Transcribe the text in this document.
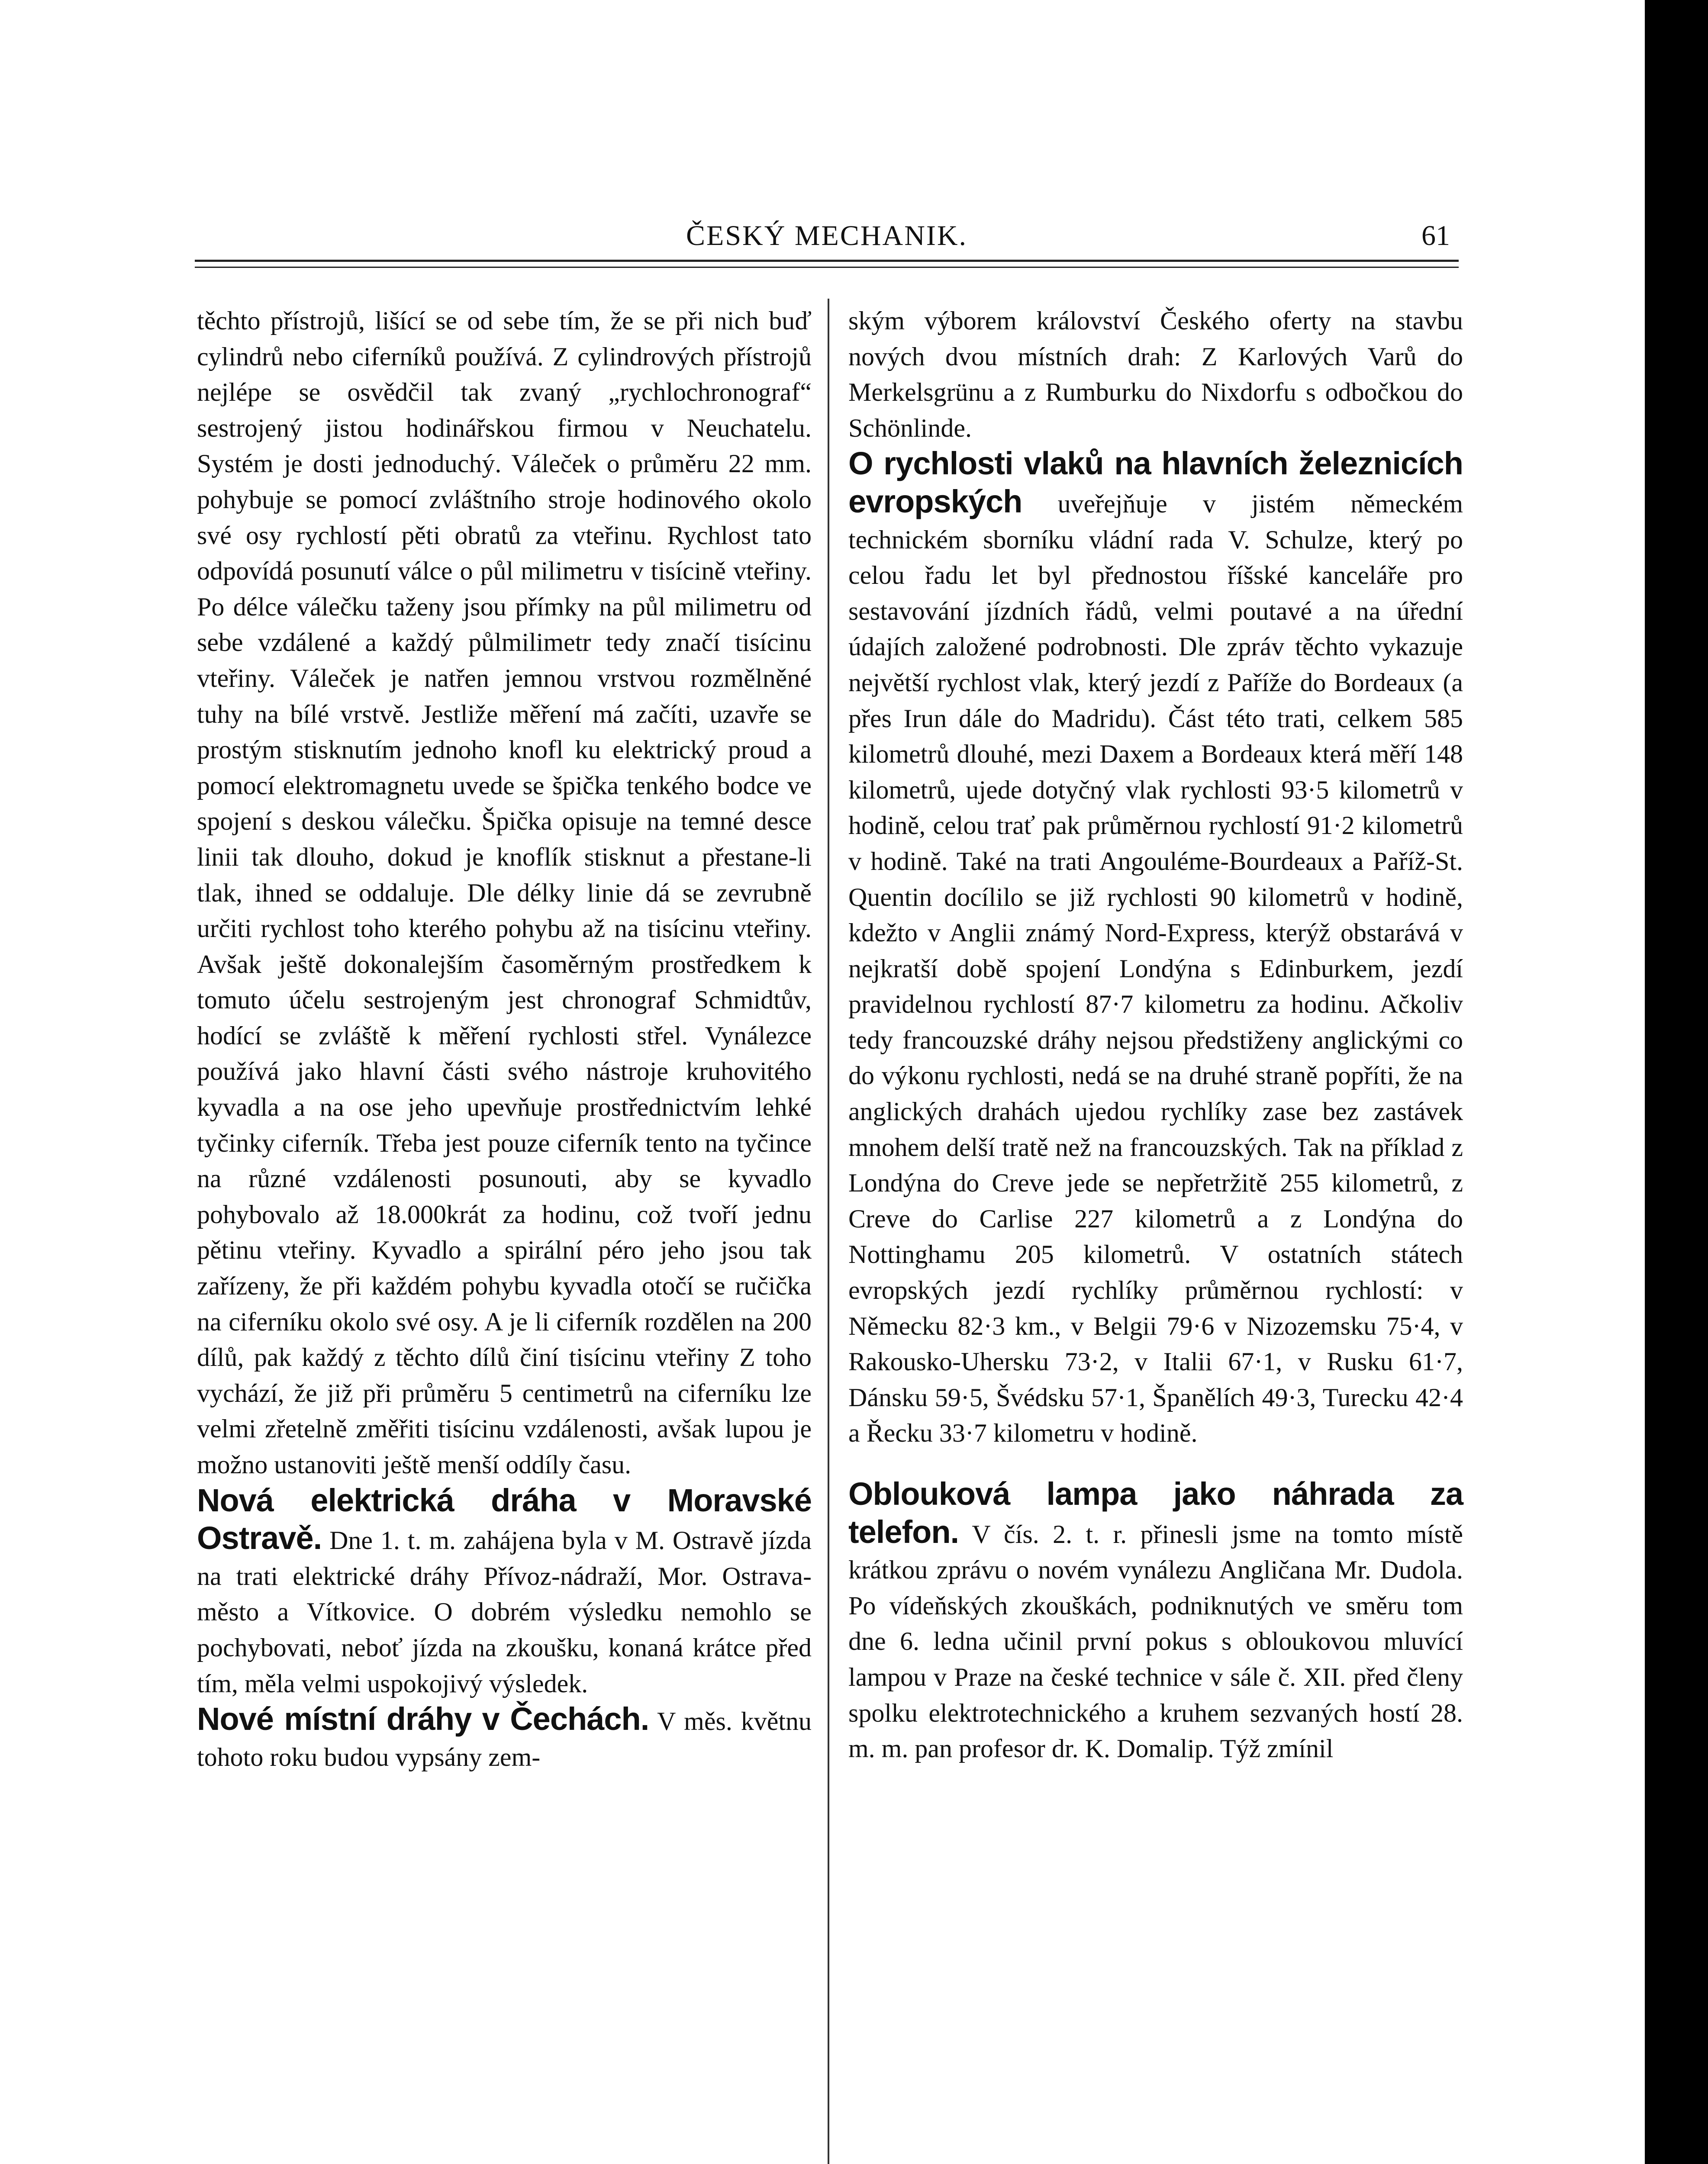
ČESKÝ MECHANIK.	61

těchto přístrojů, lišící se od sebe tím, že se při nich buď cylindrů nebo ciferníků používá. Z cylindrových přístrojů nejlépe se osvědčil tak zvaný „rychlochronograf“ sestrojený jistou hodinářskou firmou v Neuchatelu. Systém je dosti jednoduchý. Váleček o průměru 22 mm. pohybuje se pomocí zvláštního stroje hodinového okolo své osy rychlostí pěti obratů za vteřinu. Rychlost tato odpovídá posunutí válce o půl milimetru v tisícině vteřiny. Po délce válečku taženy jsou přímky na půl milimetru od sebe vzdálené a každý půlmilimetr tedy značí tisícinu vteřiny. Váleček je natřen jemnou vrstvou rozmělněné tuhy na bílé vrstvě. Jestliže měření má začíti, uzavře se prostým stisknutím jednoho knofl ku elektrický proud a pomocí elektromagnetu uvede se špička tenkého bodce ve spojení s deskou válečku. Špička opisuje na temné desce linii tak dlouho, dokud je knoflík stisknut a přestane-li tlak, ihned se oddaluje. Dle délky linie dá se zevrubně určiti rychlost toho kterého pohybu až na tisícinu vteřiny. Avšak ještě dokonalejším časoměrným prostředkem k tomuto účelu sestrojeným jest chronograf Schmidtův, hodící se zvláště k měření rychlosti střel. Vynálezce používá jako hlavní části svého nástroje kruhovitého kyvadla a na ose jeho upevňuje prostřednictvím lehké tyčinky ciferník. Třeba jest pouze ciferník tento na tyčince na různé vzdálenosti posunouti, aby se kyvadlo pohybovalo až 18.000krát za hodinu, což tvoří jednu pětinu vteřiny. Kyvadlo a spirální péro jeho jsou tak zařízeny, že při každém pohybu kyvadla otočí se ručička na ciferníku okolo své osy. A je li ciferník rozdělen na 200 dílů, pak každý z těchto dílů činí tisícinu vteřiny Z toho vychází, že již při průměru 5 centimetrů na ciferníku lze velmi zřetelně změřiti tisícinu vzdálenosti, avšak lupou je možno ustanoviti ještě menší oddíly času.

Nová elektrická dráha v Moravské Ostravě. Dne 1. t. m. zahájena byla v M. Ostravě jízda na trati elektrické dráhy Přívoz-nádraží, Mor. Ostrava-město a Vítkovice. O dobrém výsledku nemohlo se pochybovati, neboť jízda na zkoušku, konaná krátce před tím, měla velmi uspokojivý výsledek.

Nové místní dráhy v Čechách. V měs. květnu tohoto roku budou vypsány zem-

ským výborem království Českého oferty na stavbu nových dvou místních drah: Z Karlových Varů do Merkelsgrünu a z Rumburku do Nixdorfu s odbočkou do Schönlinde.

O rychlosti vlaků na hlavních železnicích evropských uveřejňuje v jistém německém technickém sborníku vládní rada V. Schulze, který po celou řadu let byl přednostou říšské kanceláře pro sestavování jízdních řádů, velmi poutavé a na úřední údajích založené podrobnosti. Dle zpráv těchto vykazuje největší rychlost vlak, který jezdí z Paříže do Bordeaux (a přes Irun dále do Madridu). Část této trati, celkem 585 kilometrů dlouhé, mezi Daxem a Bordeaux která měří 148 kilometrů, ujede dotyčný vlak rychlosti 93·5 kilometrů v hodině, celou trať pak průměrnou rychlostí 91·2 kilometrů v hodině. Také na trati Angouléme-Bourdeaux a Paříž-St. Quentin docílilo se již rychlosti 90 kilometrů v hodině, kdežto v Anglii známý Nord-Express, kterýž obstarává v nejkratší době spojení Londýna s Edinburkem, jezdí pravidelnou rychlostí 87·7 kilometru za hodinu. Ačkoliv tedy francouzské dráhy nejsou předstiženy anglickými co do výkonu rychlosti, nedá se na druhé straně popříti, že na anglických drahách ujedou rychlíky zase bez zastávek mnohem delší tratě než na francouzských. Tak na příklad z Londýna do Creve jede se nepřetržitě 255 kilometrů, z Creve do Carlise 227 kilometrů a z Londýna do Nottinghamu 205 kilometrů. V ostatních státech evropských jezdí rychlíky průměrnou rychlostí: v Německu 82·3 km., v Belgii 79·6 v Nizozemsku 75·4, v Rakousko-Uhersku 73·2, v Italii 67·1, v Rusku 61·7, Dánsku 59·5, Švédsku 57·1, Španělích 49·3, Turecku 42·4 a Řecku 33·7 kilometru v hodině.

Oblouková lampa jako náhrada za telefon. V čís. 2. t. r. přinesli jsme na tomto místě krátkou zprávu o novém vynálezu Angličana Mr. Dudola. Po vídeňských zkouškách, podniknutých ve směru tom dne 6. ledna učinil první pokus s obloukovou mluvící lampou v Praze na české technice v sále č. XII. před členy spolku elektrotechnického a kruhem sezvaných hostí 28. m. m. pan profesor dr. K. Domalip. Týž zmínil
